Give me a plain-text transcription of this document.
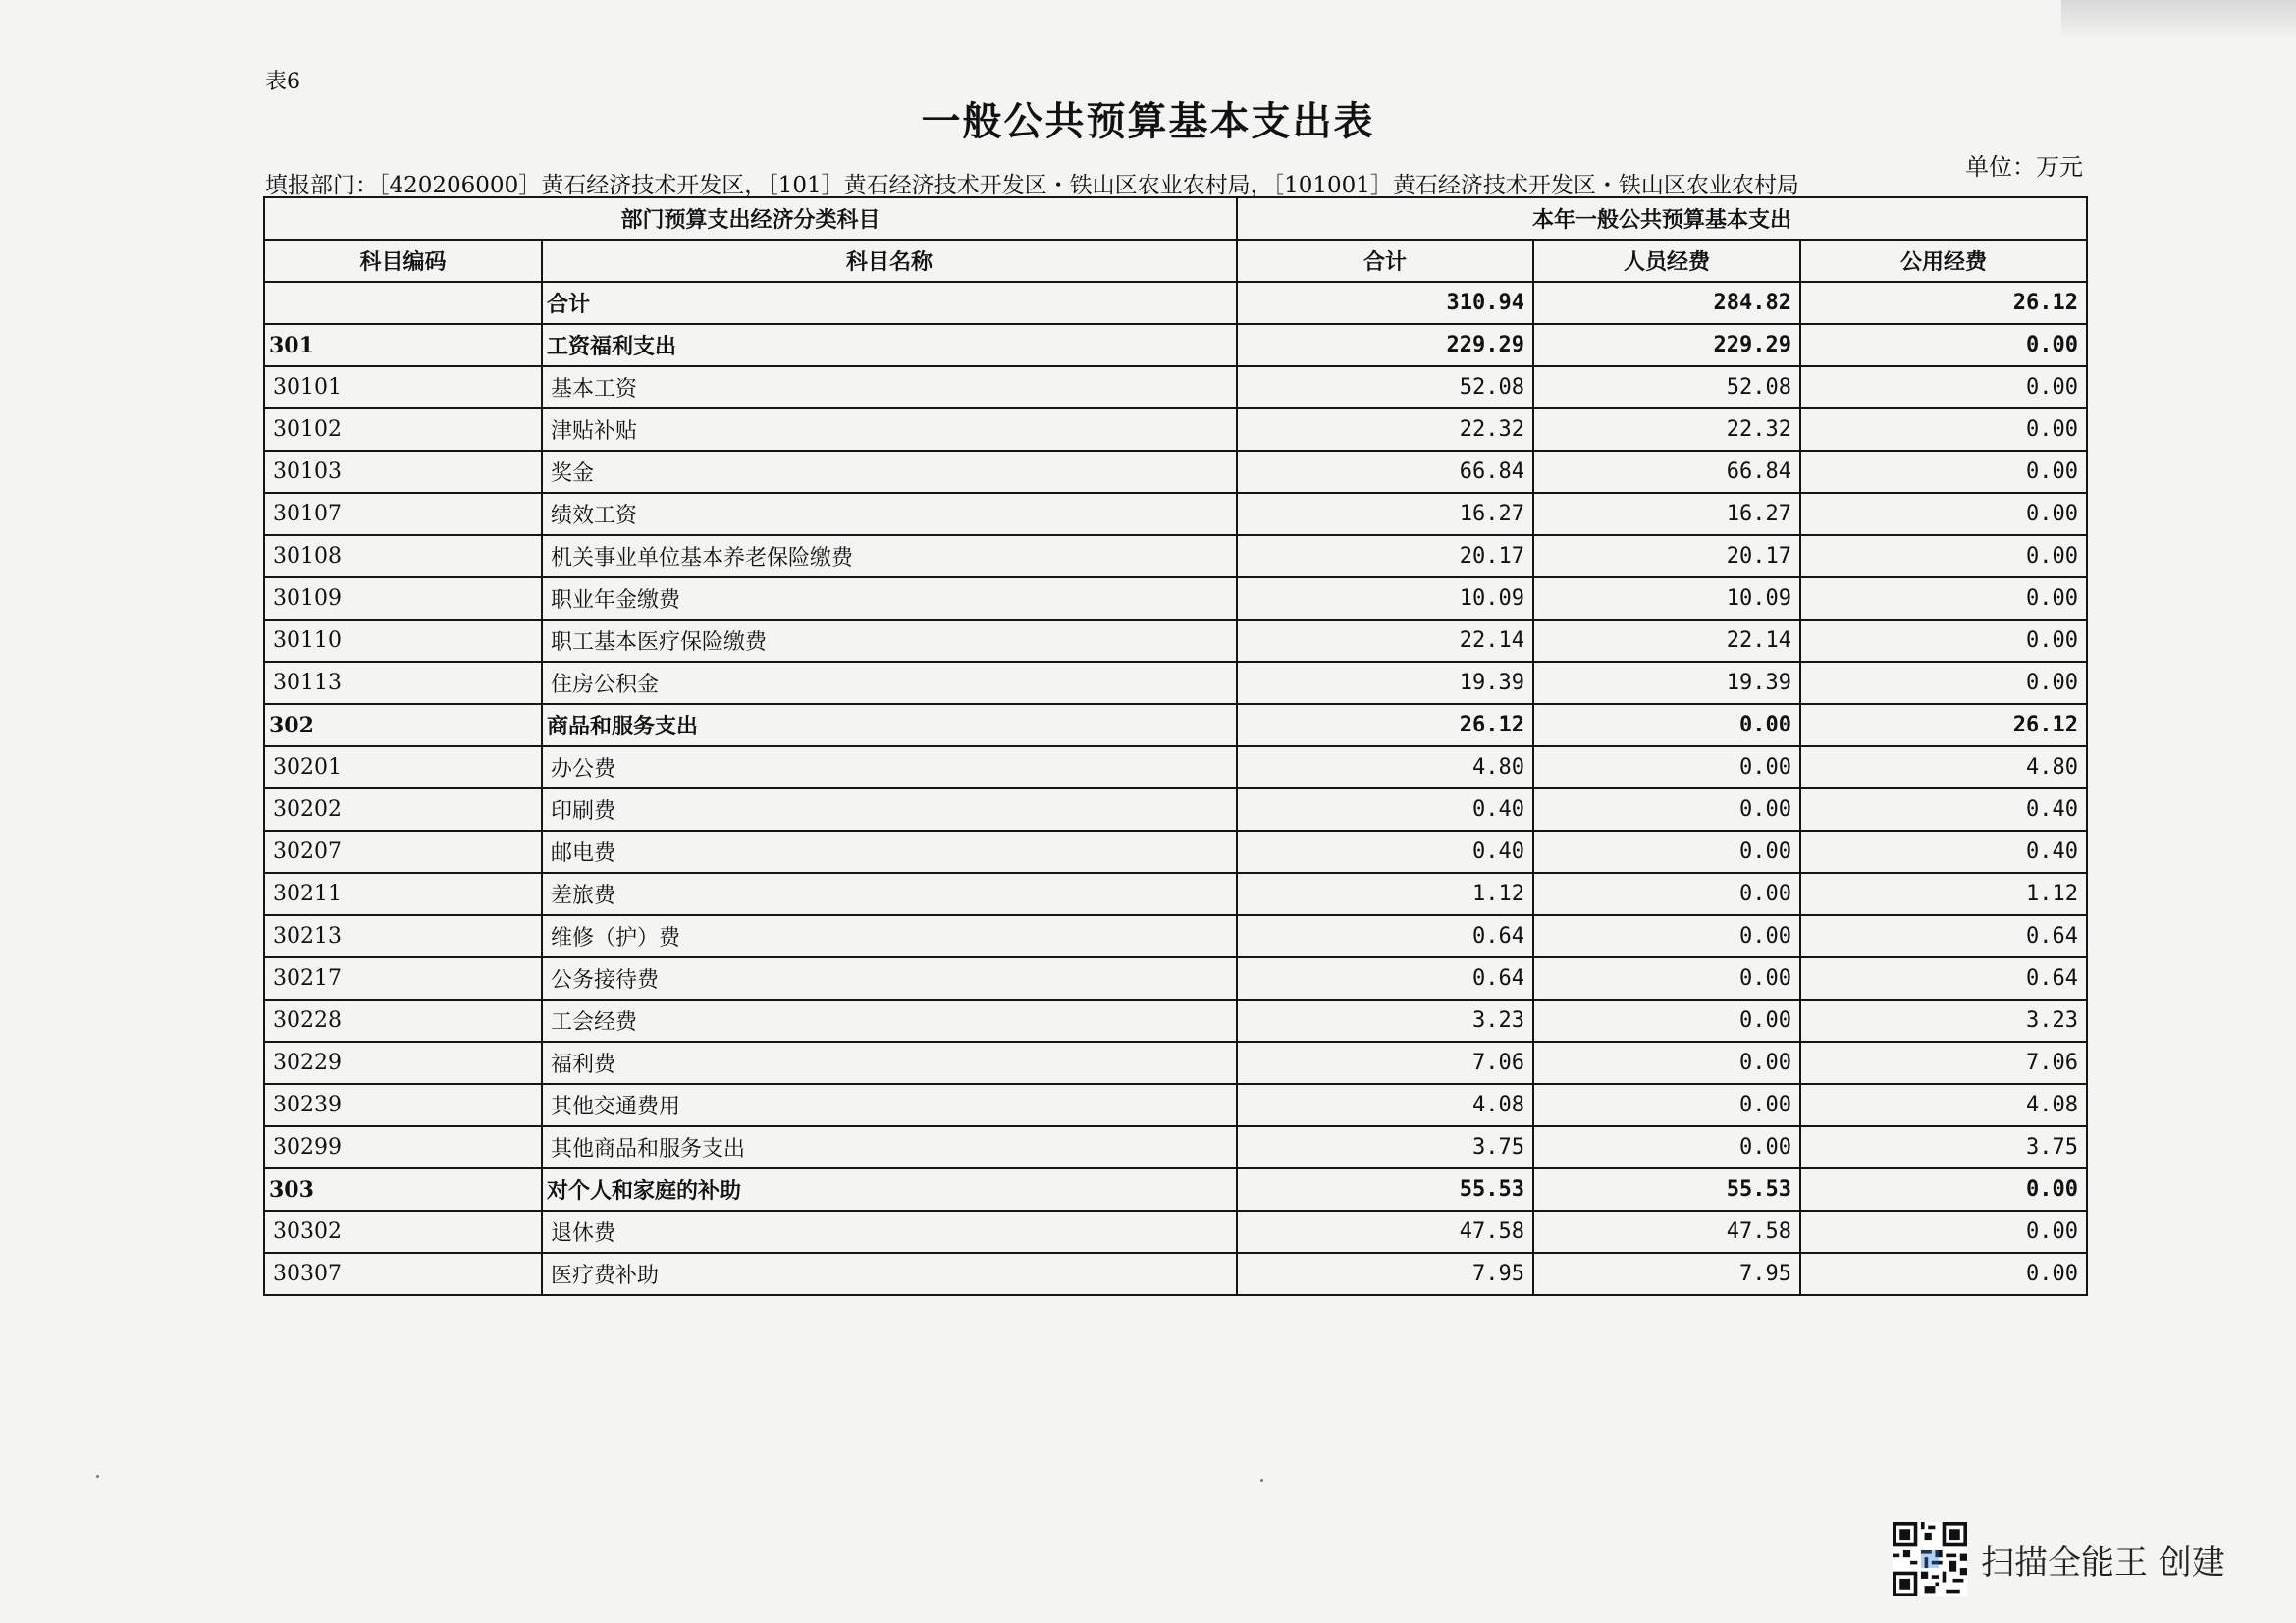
表6
一般公共预算基本支出表
填报部门：［420206000］黄石经济技术开发区，［101］黄石经济技术开发区・铁山区农业农村局，［101001］黄石经济技术开发区・铁山区农业农村局
单位：万元
部门预算支出经济分类科目		本年一般公共预算基本支出		
科目编码	科目名称	合计	人员经费	公用经费
	合计	310.94	284.82	26.12
301	工资福利支出	229.29	229.29	0.00
30101	基本工资	52.08	52.08	0.00
30102	津贴补贴	22.32	22.32	0.00
30103	奖金	66.84	66.84	0.00
30107	绩效工资	16.27	16.27	0.00
30108	机关事业单位基本养老保险缴费	20.17	20.17	0.00
30109	职业年金缴费	10.09	10.09	0.00
30110	职工基本医疗保险缴费	22.14	22.14	0.00
30113	住房公积金	19.39	19.39	0.00
302	商品和服务支出	26.12	0.00	26.12
30201	办公费	4.80	0.00	4.80
30202	印刷费	0.40	0.00	0.40
30207	邮电费	0.40	0.00	0.40
30211	差旅费	1.12	0.00	1.12
30213	维修（护）费	0.64	0.00	0.64
30217	公务接待费	0.64	0.00	0.64
30228	工会经费	3.23	0.00	3.23
30229	福利费	7.06	0.00	7.06
30239	其他交通费用	4.08	0.00	4.08
30299	其他商品和服务支出	3.75	0.00	3.75
303	对个人和家庭的补助	55.53	55.53	0.00
30302	退休费	47.58	47.58	0.00
30307	医疗费补助	7.95	7.95	0.00
扫描全能王 创建
